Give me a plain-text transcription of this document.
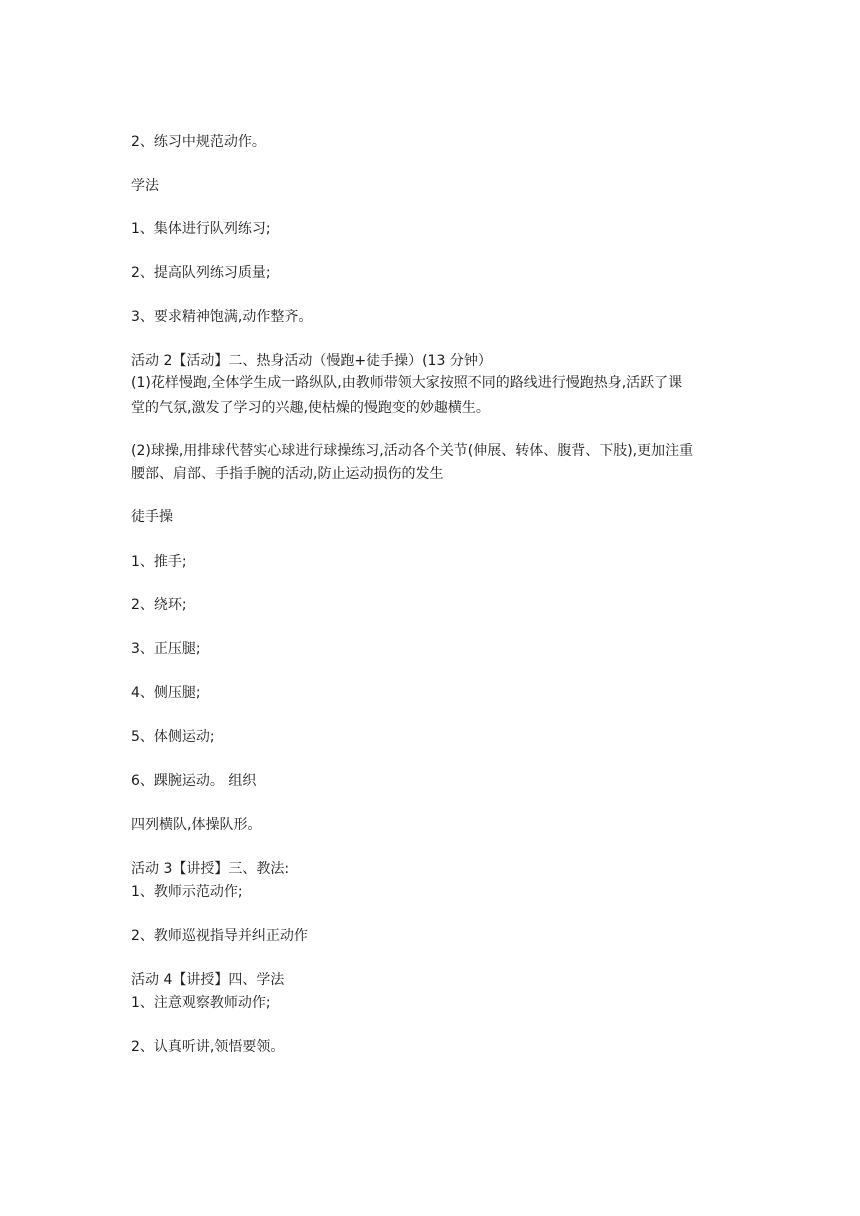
2、练习中规范动作。
学法
1、集体进行队列练习;
2、提高队列练习质量;
3、要求精神饱满,动作整齐。
活动 2【活动】二、热身活动（慢跑+徒手操）(13 分钟）
(1)花样慢跑,全体学生成一路纵队,由教师带领大家按照不同的路线进行慢跑热身,活跃了课
堂的气氛,激发了学习的兴趣,使枯燥的慢跑变的妙趣横生。
(2)球操,用排球代替实心球进行球操练习,活动各个关节(伸展、转体、腹背、下肢),更加注重
腰部、肩部、手指手腕的活动,防止运动损伤的发生
徒手操
1、推手;
2、绕环;
3、正压腿;
4、侧压腿;
5、体侧运动;
6、踝腕运动。 组织
四列横队,体操队形。
活动 3【讲授】三、教法:
1、教师示范动作;
2、教师巡视指导并纠正动作
活动 4【讲授】四、学法
1、注意观察教师动作;
2、认真听讲,领悟要领。
